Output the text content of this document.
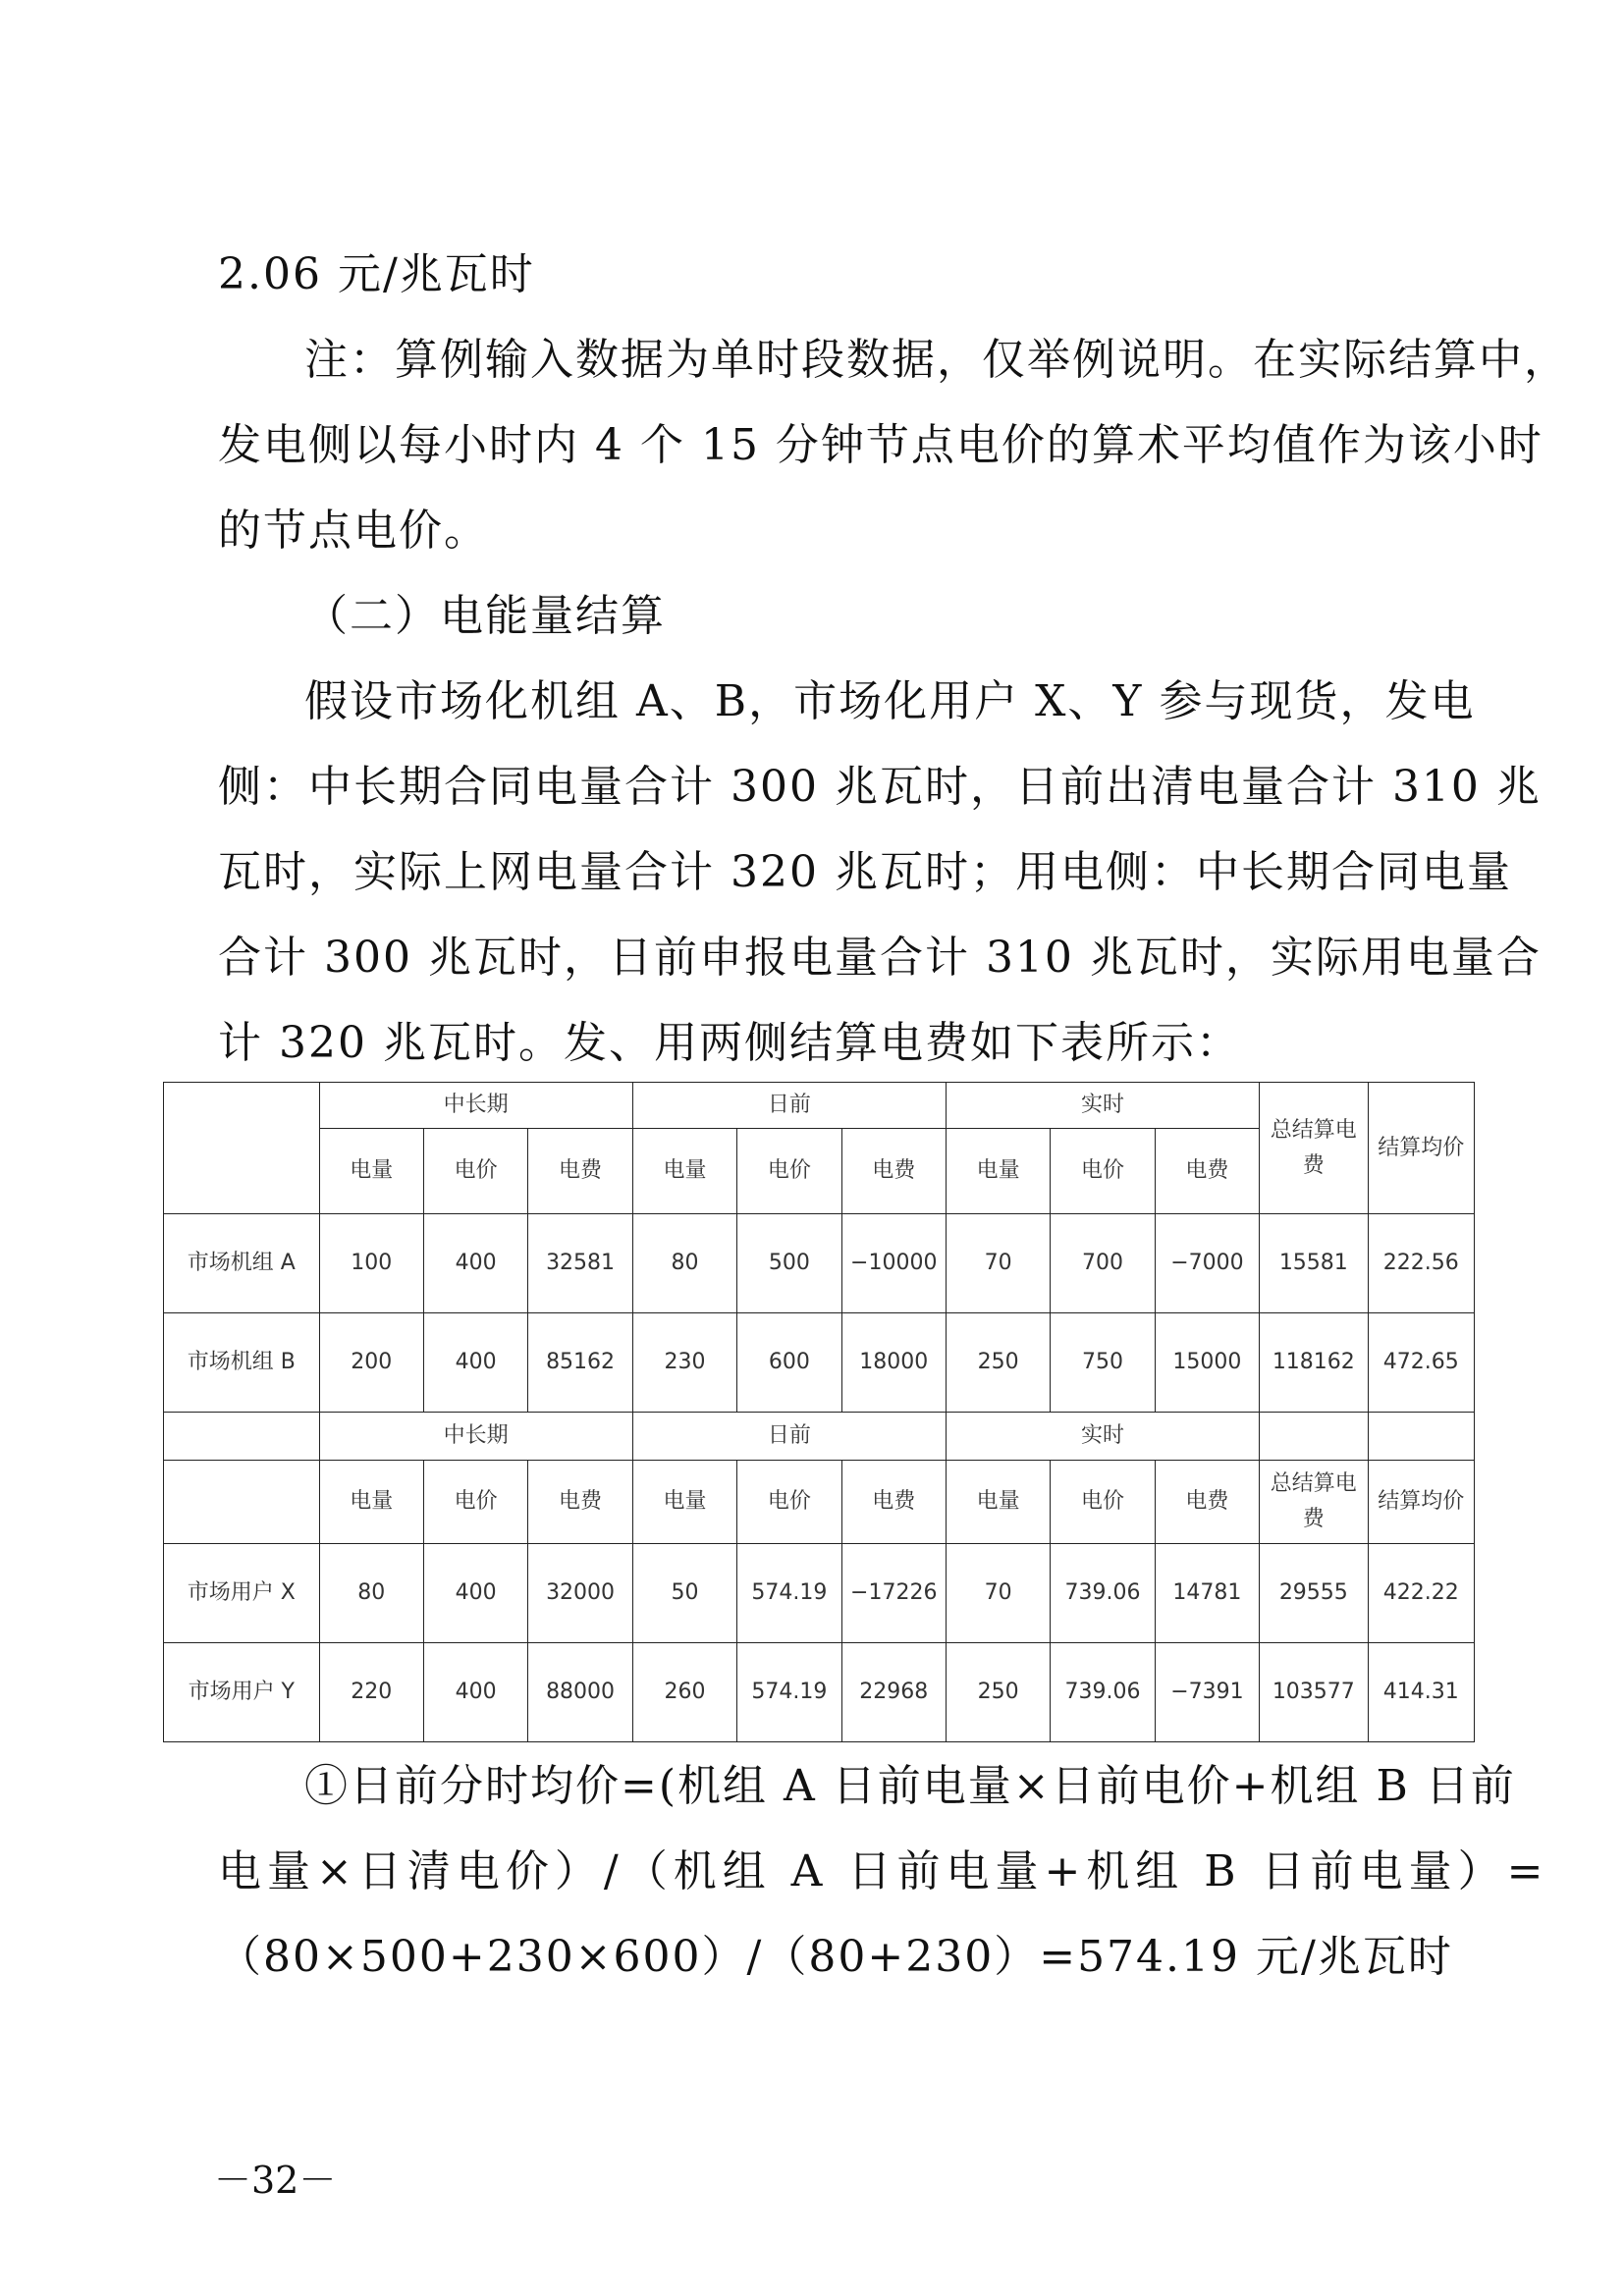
2.06 元/兆瓦时
注：算例输入数据为单时段数据，仅举例说明。在实际结算中，
发电侧以每小时内 4 个 15 分钟节点电价的算术平均值作为该小时
的节点电价。
（二）电能量结算
假设市场化机组 A、B，市场化用户 X、Y 参与现货，发电
侧：中长期合同电量合计 300 兆瓦时，日前出清电量合计 310 兆
瓦时，实际上网电量合计 320 兆瓦时；用电侧：中长期合同电量
合计 300 兆瓦时，日前申报电量合计 310 兆瓦时，实际用电量合
计 320 兆瓦时。发、用两侧结算电费如下表所示：
	中长期			日前			实时			总结算电费	结算均价
	电量	电价	电费	电量	电价	电费	电量	电价	电费		
市场机组 A	100	400	32581	80	500	−10000	70	700	−7000	15581	222.56
市场机组 B	200	400	85162	230	600	18000	250	750	15000	118162	472.65
	中长期			日前			实时				
	电量	电价	电费	电量	电价	电费	电量	电价	电费	总结算电费	结算均价
市场用户 X	80	400	32000	50	574.19	−17226	70	739.06	14781	29555	422.22
市场用户 Y	220	400	88000	260	574.19	22968	250	739.06	−7391	103577	414.31
①日前分时均价=(机组 A 日前电量×日前电价+机组 B 日前
电量×日清电价）/（机组 A 日前电量+机组 B 日前电量）=
（80×500+230×600）/（80+230）=574.19 元/兆瓦时
－32－
